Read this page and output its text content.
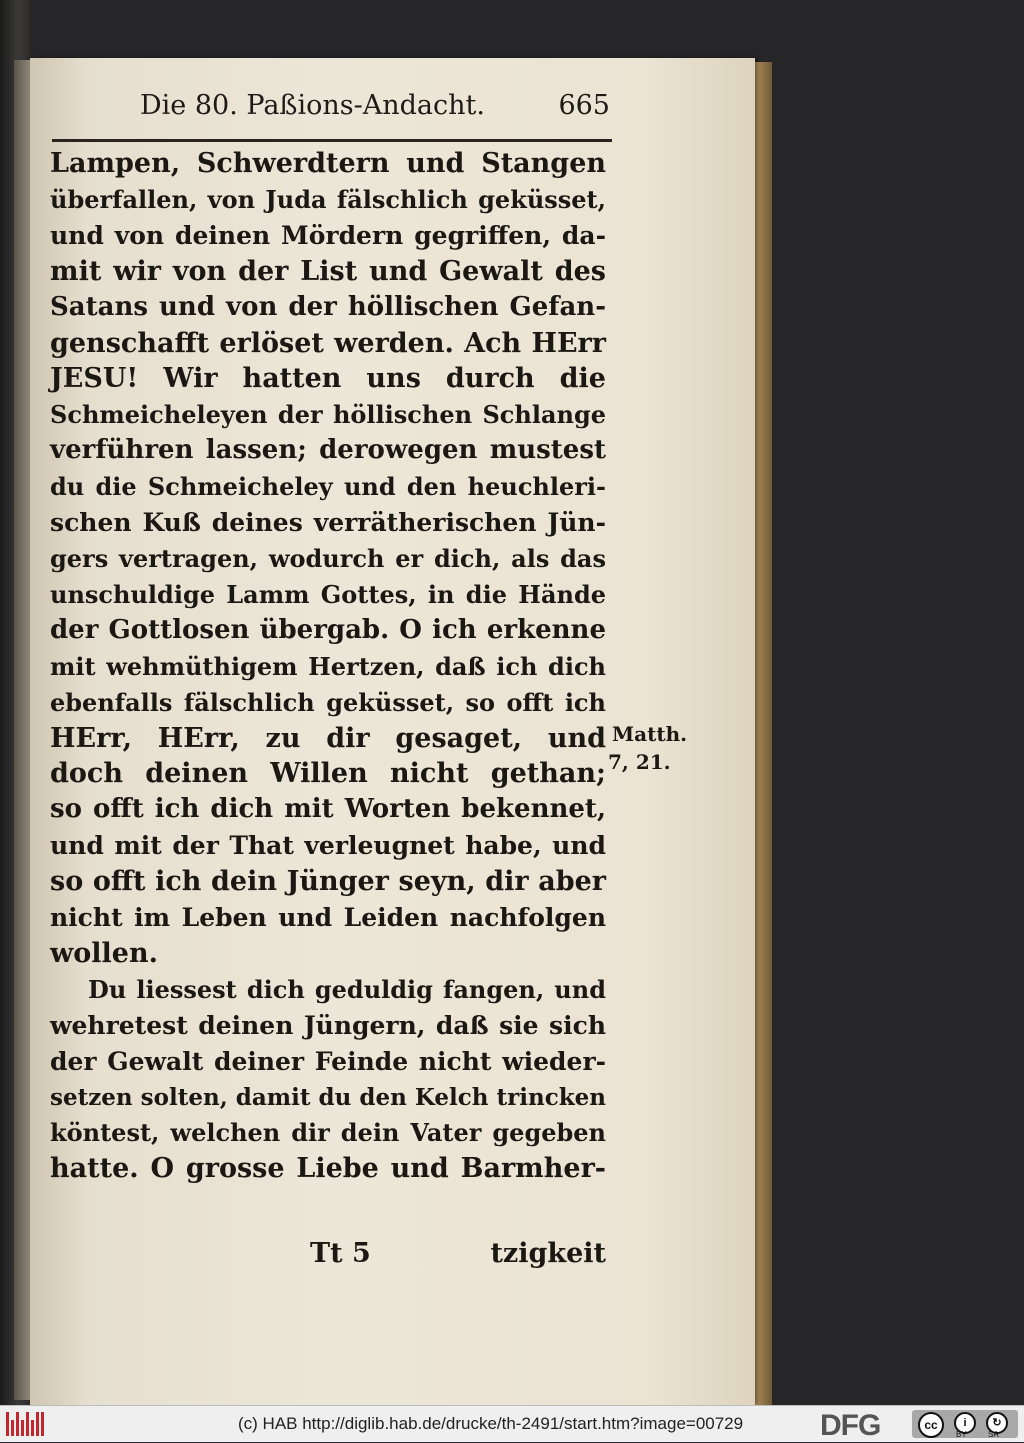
Die 80. Paßions-Andacht.	665
Lampen, Schwerdtern und Stangen
überfallen, von Juda fälschlich geküsset,
und von deinen Mördern gegriffen, da-
mit wir von der List und Gewalt des
Satans und von der höllischen Gefan-
genschafft erlöset werden. Ach HErr
JESU! Wir hatten uns durch die
Schmeicheleyen der höllischen Schlange
verführen lassen; derowegen mustest
du die Schmeicheley und den heuchleri-
schen Kuß deines verrätherischen Jün-
gers vertragen, wodurch er dich, als das
unschuldige Lamm Gottes, in die Hände
der Gottlosen übergab. O ich erkenne
mit wehmüthigem Hertzen, daß ich dich
ebenfalls fälschlich geküsset, so offt ich
HErr, HErr, zu dir gesaget, und
doch deinen Willen nicht gethan;
so offt ich dich mit Worten bekennet,
und mit der That verleugnet habe, und
so offt ich dein Jünger seyn, dir aber
nicht im Leben und Leiden nachfolgen
wollen.
Du liessest dich geduldig fangen, und
wehretest deinen Jüngern, daß sie sich
der Gewalt deiner Feinde nicht wieder-
setzen solten, damit du den Kelch trincken
köntest, welchen dir dein Vater gegeben
hatte. O grosse Liebe und Barmher-
Matth.
7, 21.
Tt 5	tzigkeit
(c) HAB http://diglib.hab.de/drucke/th-2491/start.htm?image=00729	DFG	cc	i	↻
BY	SA
